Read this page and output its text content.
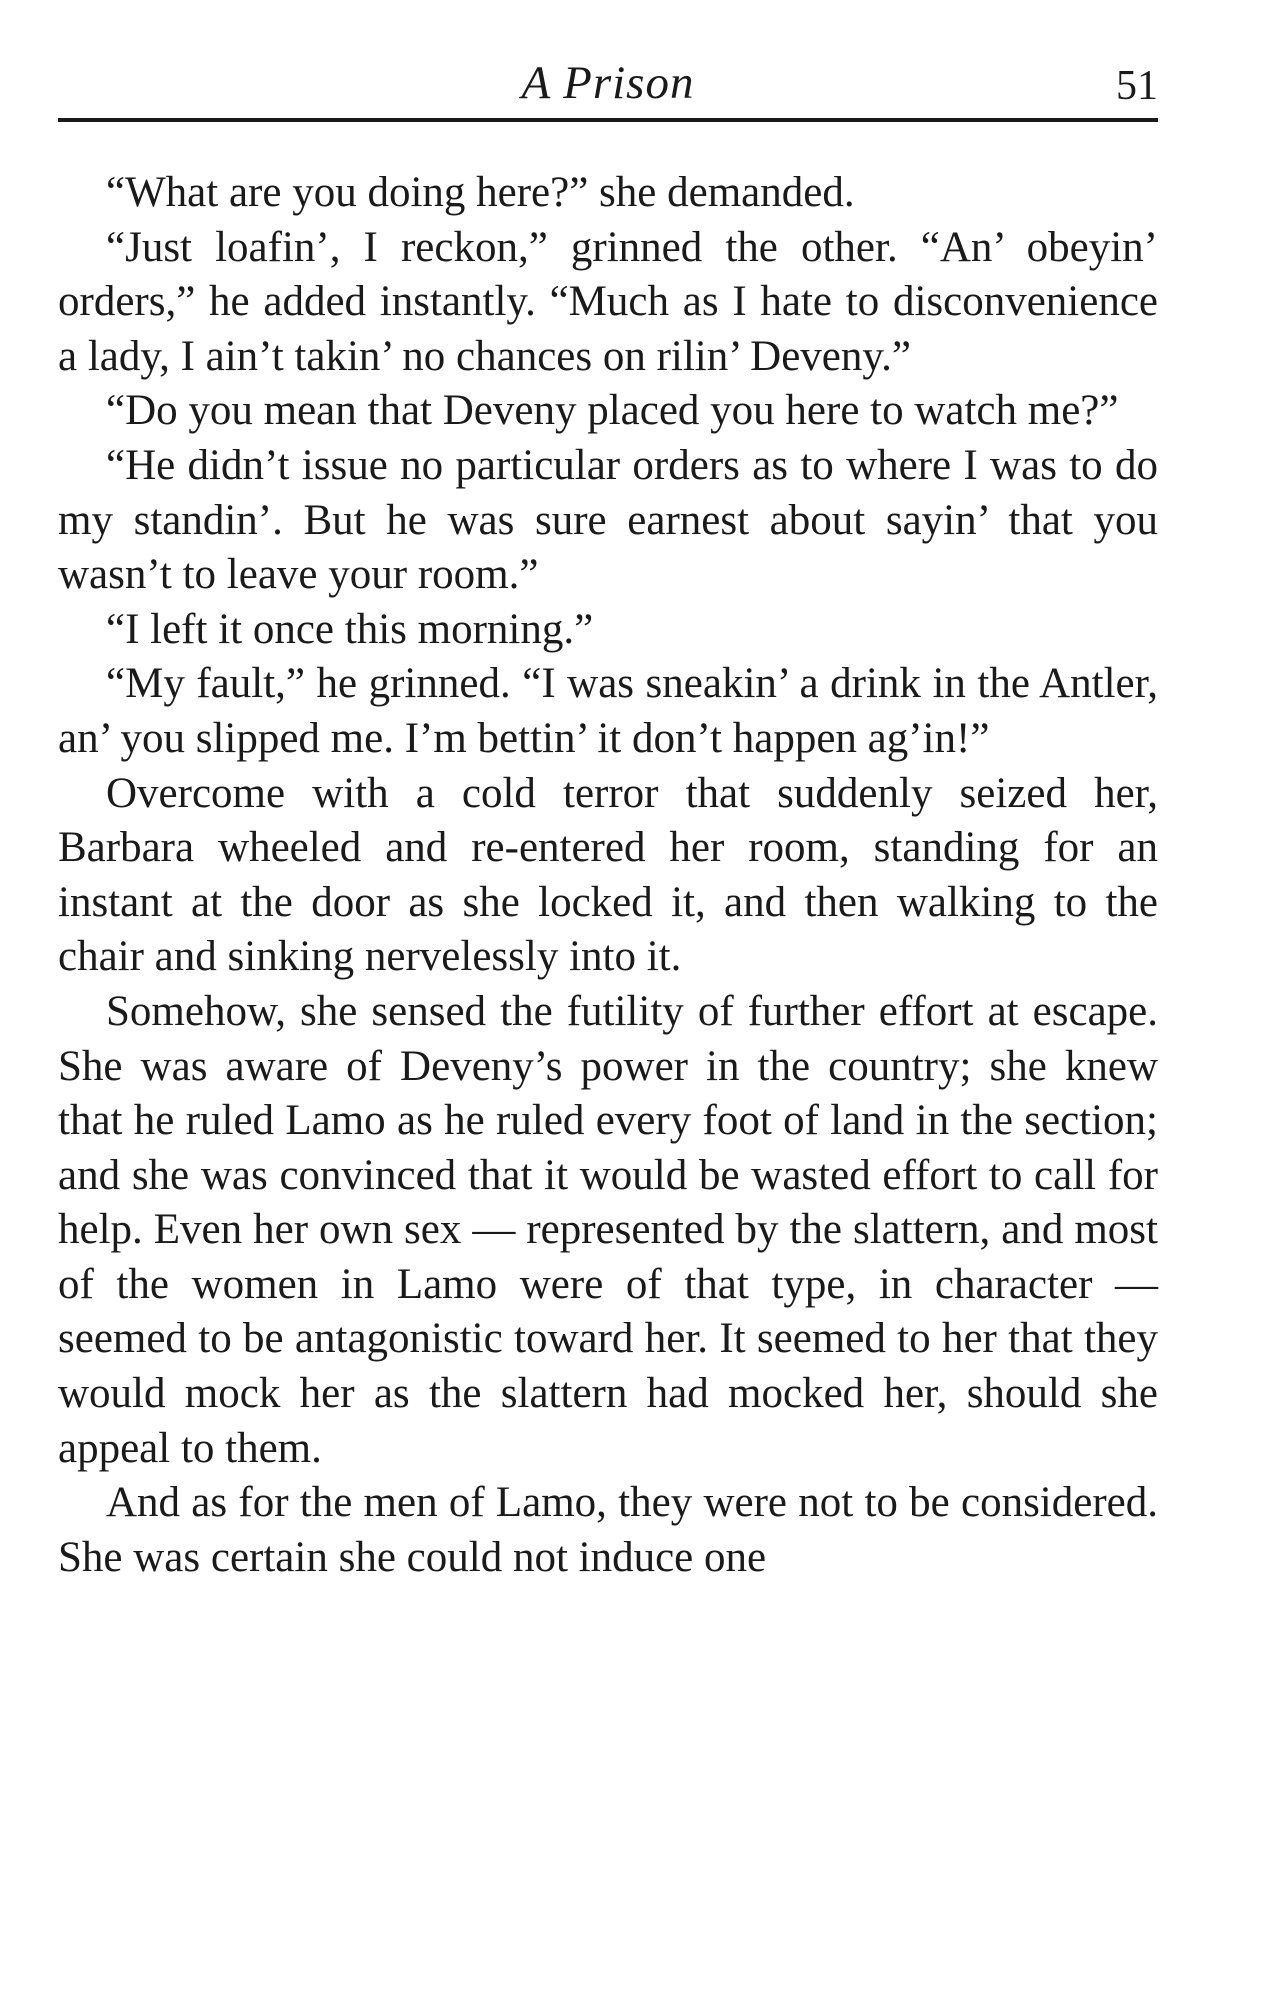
A Prison	51

“What are you doing here?” she demanded.

“Just loafin’, I reckon,” grinned the other. “An’ obeyin’ orders,” he added instantly. “Much as I hate to disconvenience a lady, I ain’t takin’ no chances on rilin’ Deveny.”

“Do you mean that Deveny placed you here to watch me?”

“He didn’t issue no particular orders as to where I was to do my standin’. But he was sure earnest about sayin’ that you wasn’t to leave your room.”

“I left it once this morning.”

“My fault,” he grinned. “I was sneakin’ a drink in the Antler, an’ you slipped me. I’m bettin’ it don’t happen ag’in!”

Overcome with a cold terror that suddenly seized her, Barbara wheeled and re-entered her room, standing for an instant at the door as she locked it, and then walking to the chair and sinking nervelessly into it.

Somehow, she sensed the futility of further effort at escape. She was aware of Deveny’s power in the country; she knew that he ruled Lamo as he ruled every foot of land in the section; and she was convinced that it would be wasted effort to call for help. Even her own sex — represented by the slattern, and most of the women in Lamo were of that type, in character — seemed to be antagonistic toward her. It seemed to her that they would mock her as the slattern had mocked her, should she appeal to them.

And as for the men of Lamo, they were not to be considered. She was certain she could not induce one
